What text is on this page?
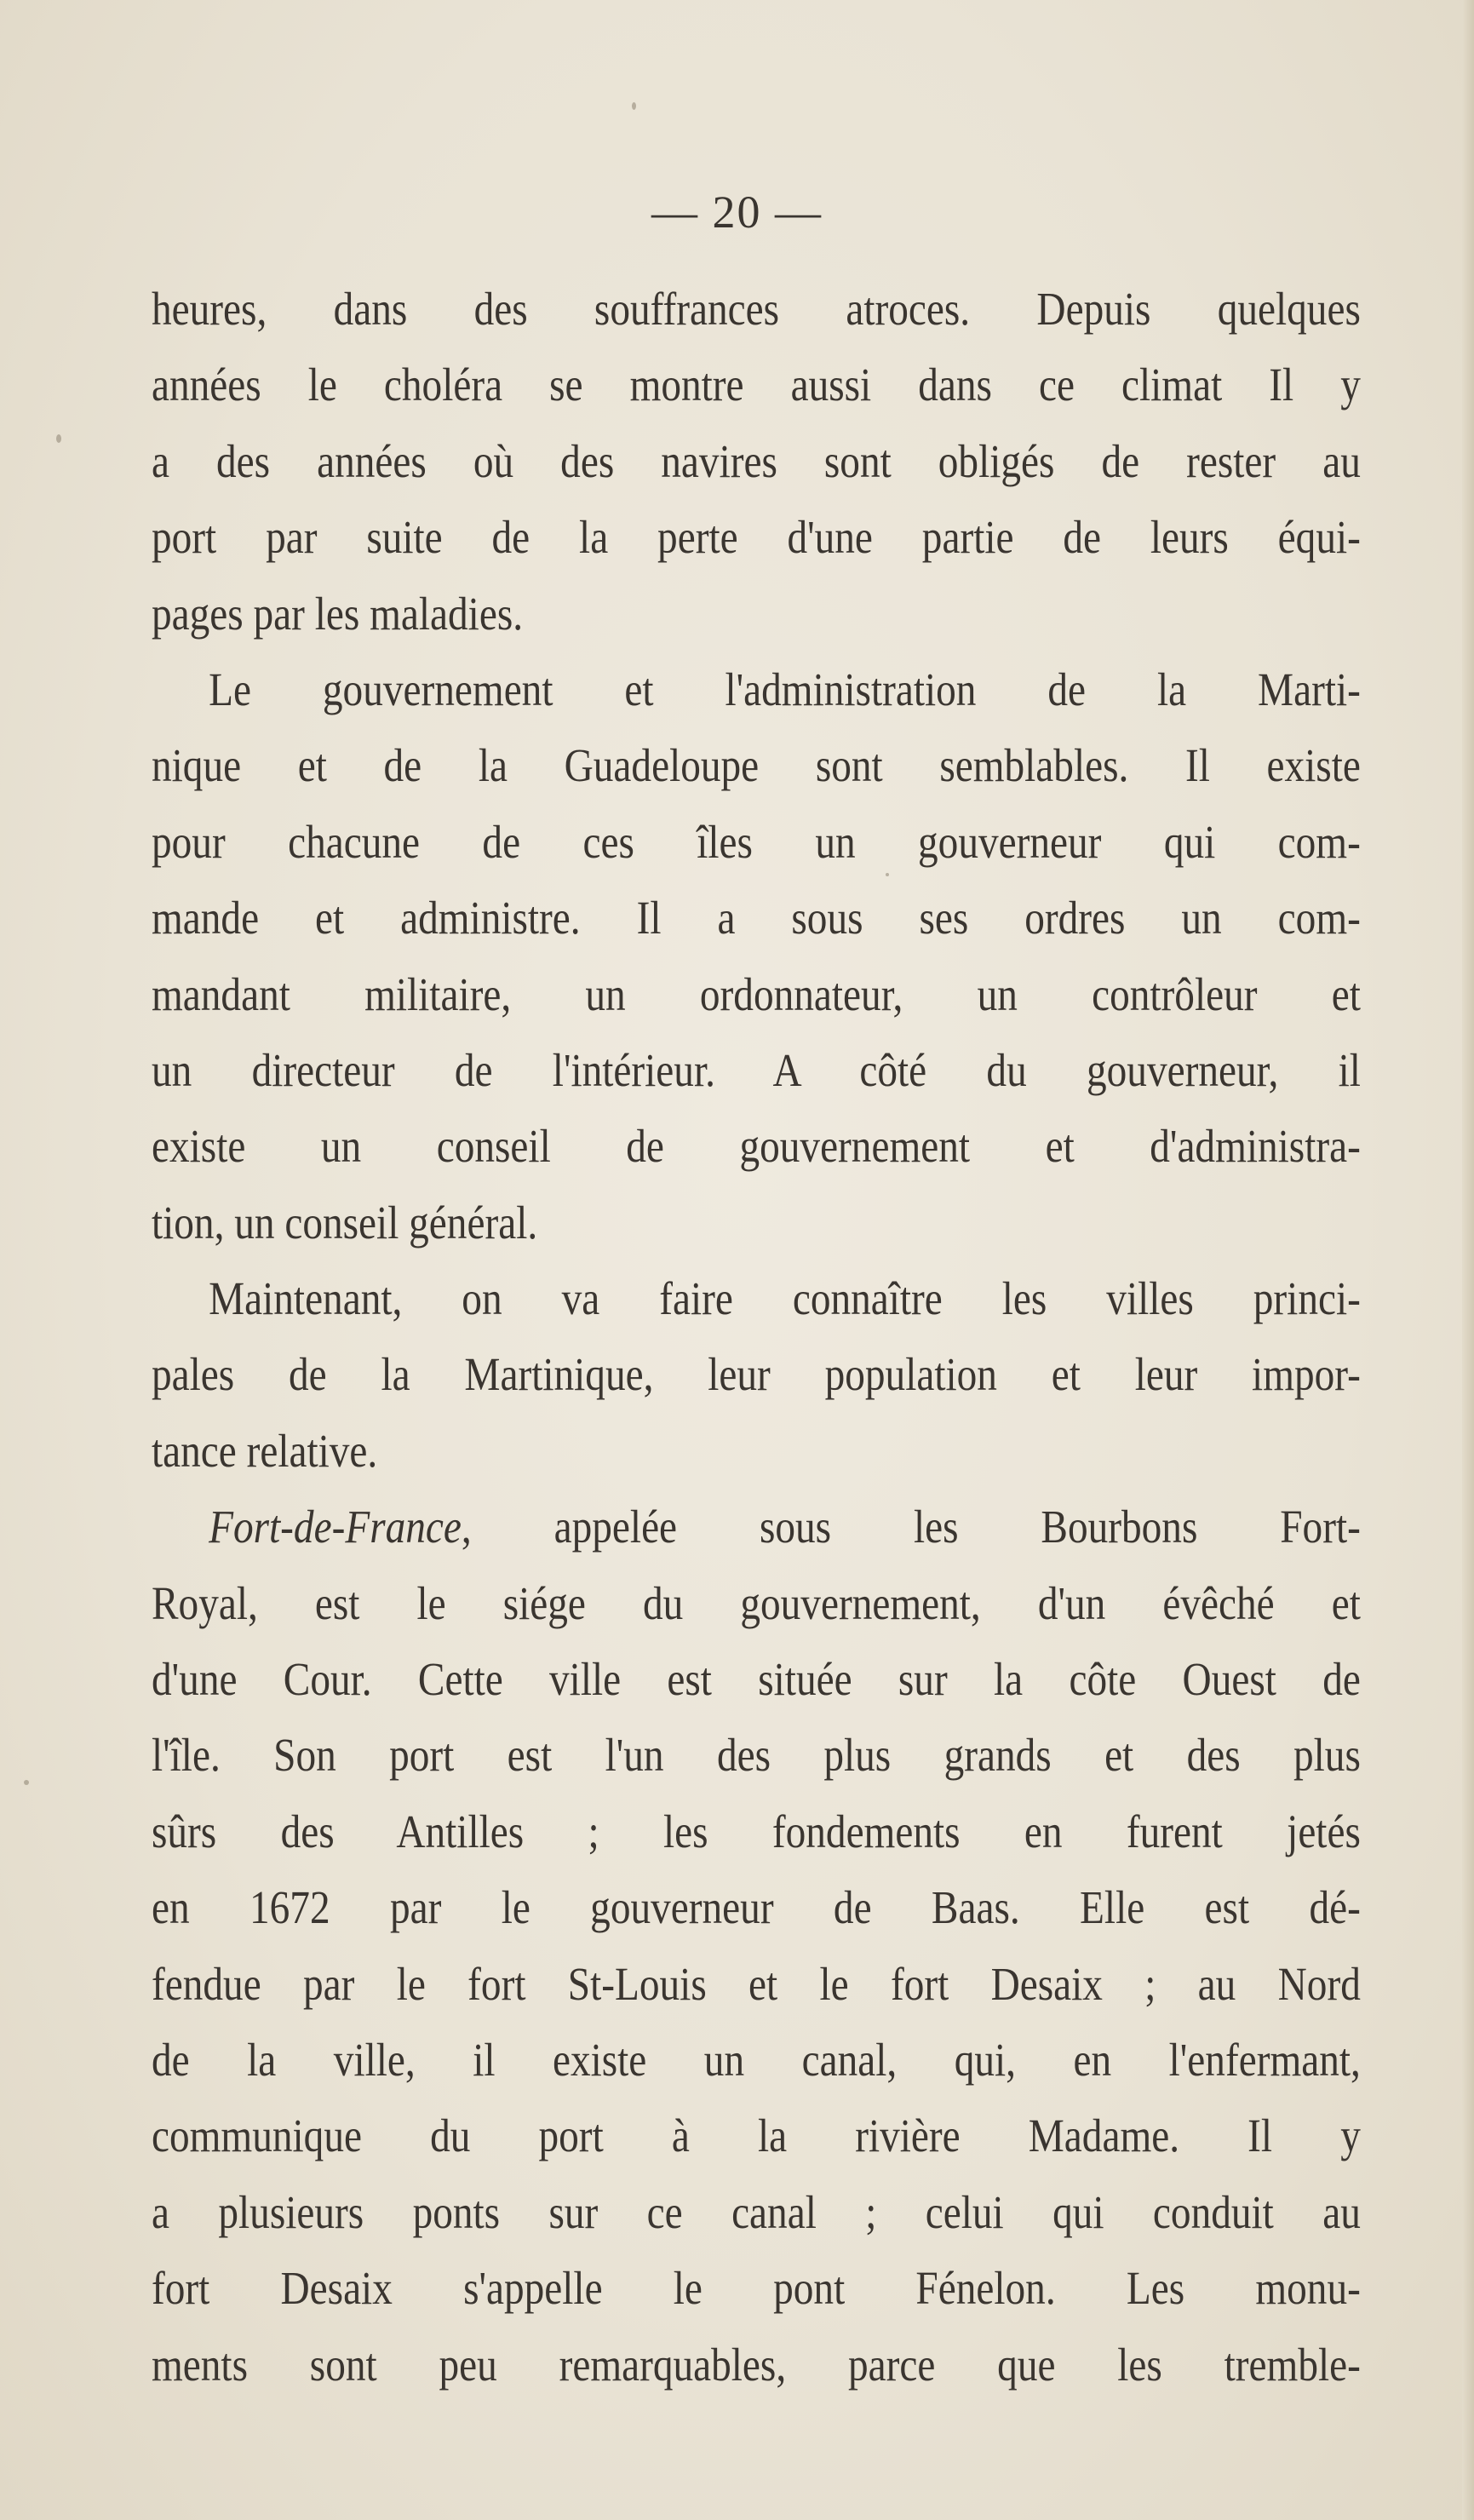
— 20 —
heures, dans des souffrances atroces. Depuis quelques
années le choléra se montre aussi dans ce climat Il y
a des années où des navires sont obligés de rester au
port par suite de la perte d'une partie de leurs équi-
pages par les maladies.
Le gouvernement et l'administration de la Marti-
nique et de la Guadeloupe sont semblables. Il existe
pour chacune de ces îles un gouverneur qui com-
mande et administre. Il a sous ses ordres un com-
mandant militaire, un ordonnateur, un contrôleur et
un directeur de l'intérieur. A côté du gouverneur, il
existe un conseil de gouvernement et d'administra-
tion, un conseil général.
Maintenant, on va faire connaître les villes princi-
pales de la Martinique, leur population et leur impor-
tance relative.
Fort-de-France, appelée sous les Bourbons Fort-
Royal, est le siége du gouvernement, d'un évêché et
d'une Cour. Cette ville est située sur la côte Ouest de
l'île. Son port est l'un des plus grands et des plus
sûrs des Antilles ; les fondements en furent jetés
en 1672 par le gouverneur de Baas. Elle est dé-
fendue par le fort St-Louis et le fort Desaix ; au Nord
de la ville, il existe un canal, qui, en l'enfermant,
communique du port à la rivière Madame. Il y
a plusieurs ponts sur ce canal ; celui qui conduit au
fort Desaix s'appelle le pont Fénelon. Les monu-
ments sont peu remarquables, parce que les tremble-
